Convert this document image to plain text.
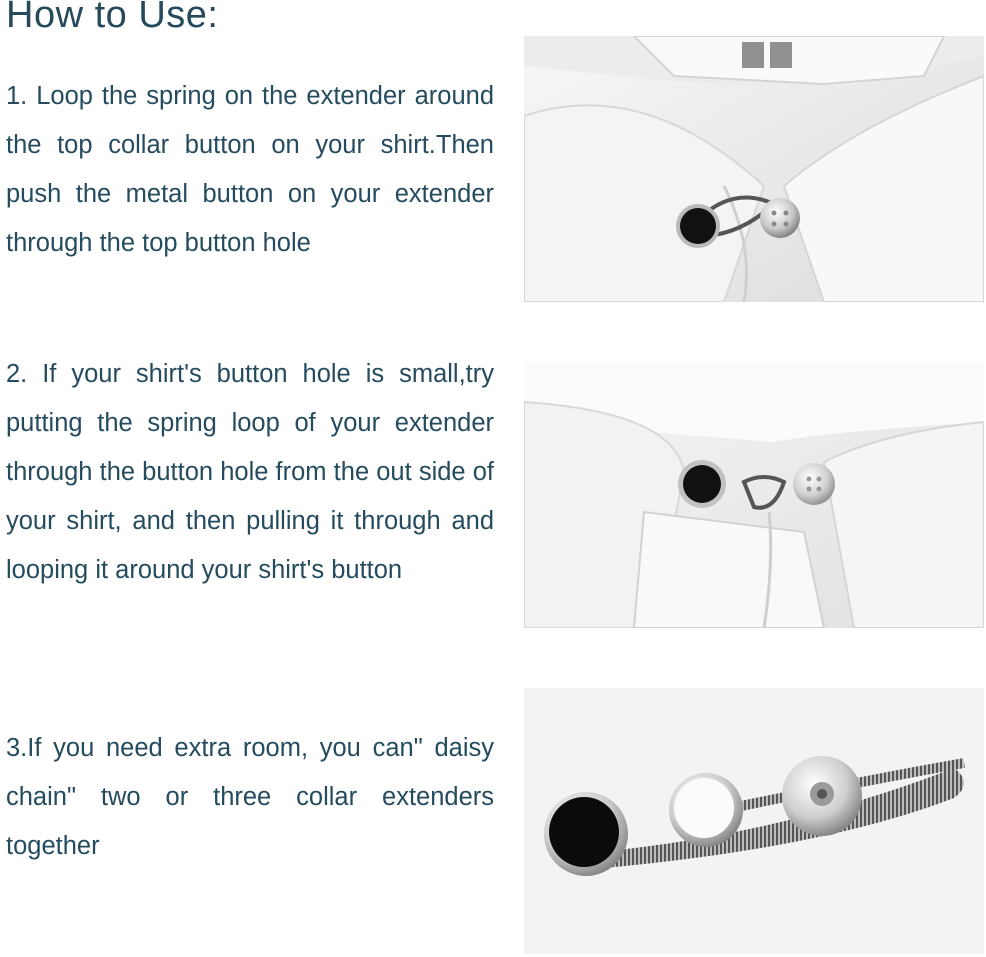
How to Use:

1. Loop the spring on the extender around the top collar button on your shirt.Then push the metal button on your extender through the top button hole

2. If your shirt's button hole is small,try putting the spring loop of your extender through the button hole from the out side of your shirt, and then pulling it through and looping it around your shirt's button

3.If you need extra room, you can" daisy chain" two or three collar extenders together
